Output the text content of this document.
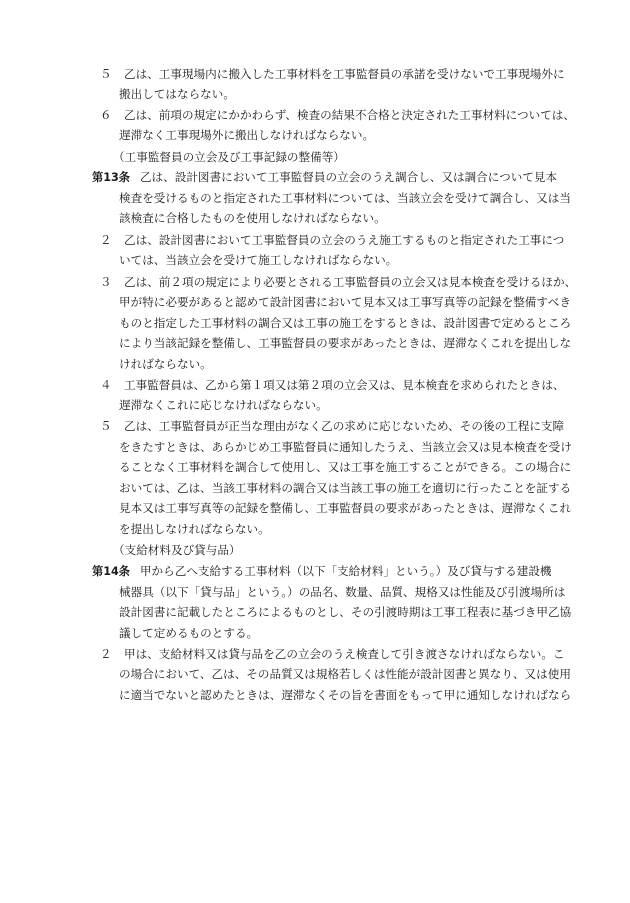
５ 乙は、工事現場内に搬入した工事材料を工事監督員の承諾を受けないで工事現場外に
搬出してはならない。
６ 乙は、前項の規定にかかわらず、検査の結果不合格と決定された工事材料については、
遅滞なく工事現場外に搬出しなければならない。
（工事監督員の立会及び工事記録の整備等）
第13条 乙は、設計図書において工事監督員の立会のうえ調合し、又は調合について見本
検査を受けるものと指定された工事材料については、当該立会を受けて調合し、又は当
該検査に合格したものを使用しなければならない。
２ 乙は、設計図書において工事監督員の立会のうえ施工するものと指定された工事につ
いては、当該立会を受けて施工しなければならない。
３ 乙は、前２項の規定により必要とされる工事監督員の立会又は見本検査を受けるほか、
甲が特に必要があると認めて設計図書において見本又は工事写真等の記録を整備すべき
ものと指定した工事材料の調合又は工事の施工をするときは、設計図書で定めるところ
により当該記録を整備し、工事監督員の要求があったときは、遅滞なくこれを提出しな
ければならない。
４ 工事監督員は、乙から第１項又は第２項の立会又は、見本検査を求められたときは、
遅滞なくこれに応じなければならない。
５ 乙は、工事監督員が正当な理由がなく乙の求めに応じないため、その後の工程に支障
をきたすときは、あらかじめ工事監督員に通知したうえ、当該立会又は見本検査を受け
ることなく工事材料を調合して使用し、又は工事を施工することができる。この場合に
おいては、乙は、当該工事材料の調合又は当該工事の施工を適切に行ったことを証する
見本又は工事写真等の記録を整備し、工事監督員の要求があったときは、遅滞なくこれ
を提出しなければならない。
（支給材料及び貸与品）
第14条 甲から乙へ支給する工事材料（以下「支給材料」という。）及び貸与する建設機
械器具（以下「貸与品」という。）の品名、数量、品質、規格又は性能及び引渡場所は
設計図書に記載したところによるものとし、その引渡時期は工事工程表に基づき甲乙協
議して定めるものとする。
２ 甲は、支給材料又は貸与品を乙の立会のうえ検査して引き渡さなければならない。こ
の場合において、乙は、その品質又は規格若しくは性能が設計図書と異なり、又は使用
に適当でないと認めたときは、遅滞なくその旨を書面をもって甲に通知しなければなら
